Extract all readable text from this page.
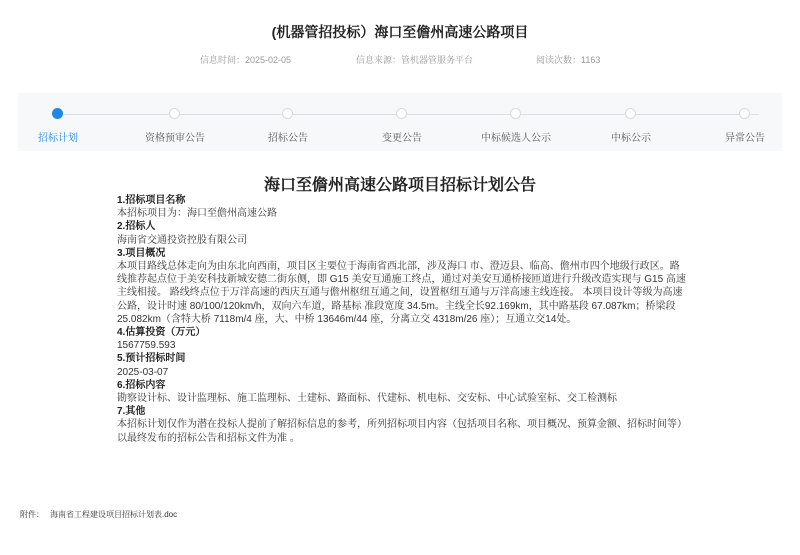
(机器管招投标）海口至儋州高速公路项目
信息时间：2025-02-05	信息来源：管机器管服务平台	阅读次数：1163
招标计划	资格预审公告	招标公告	变更公告	中标候选人公示	中标公示	异常公告
海口至儋州高速公路项目招标计划公告
1.招标项目名称

本招标项目为：海口至儋州高速公路

2.招标人

海南省交通投资控股有限公司

3.项目概况

本项目路线总体走向为由东北向西南，项目区主要位于海南省西北部，涉及海口 市、澄迈县、临高、儋州市四个地级行政区。路线推荐起点位于美安科技新城安德二街东侧，即 G15 美安互通施工终点，通过对美安互通桥接匝道进行升级改造实现与 G15 高速主线相接。 路线终点位于万洋高速的西庆互通与儋州枢纽互通之间，设置枢纽互通与万洋高速主线连接。 本项目设计等级为高速公路，设计时速 80/100/120km/h，双向六车道，路基标 准段宽度 34.5m。主线全长92.169km，其中路基段 67.087km；桥梁段 25.082km（含特大桥 7118m/4 座，大、中桥 13646m/44 座，分离立交 4318m/26 座）；互通立交14处。

4.估算投资（万元）

1567759.593

5.预计招标时间

2025-03-07

6.招标内容

勘察设计标、设计监理标、施工监理标、土建标、路面标、代建标、机电标、交安标、中心试验室标、交工检测标

7.其他

本招标计划仅作为潜在投标人提前了解招标信息的参考，所列招标项目内容（包括项目名称、项目概况、预算金额、招标时间等）以最终发布的招标公告和招标文件为准 。

附件： 海南省工程建设项目招标计划表.doc
